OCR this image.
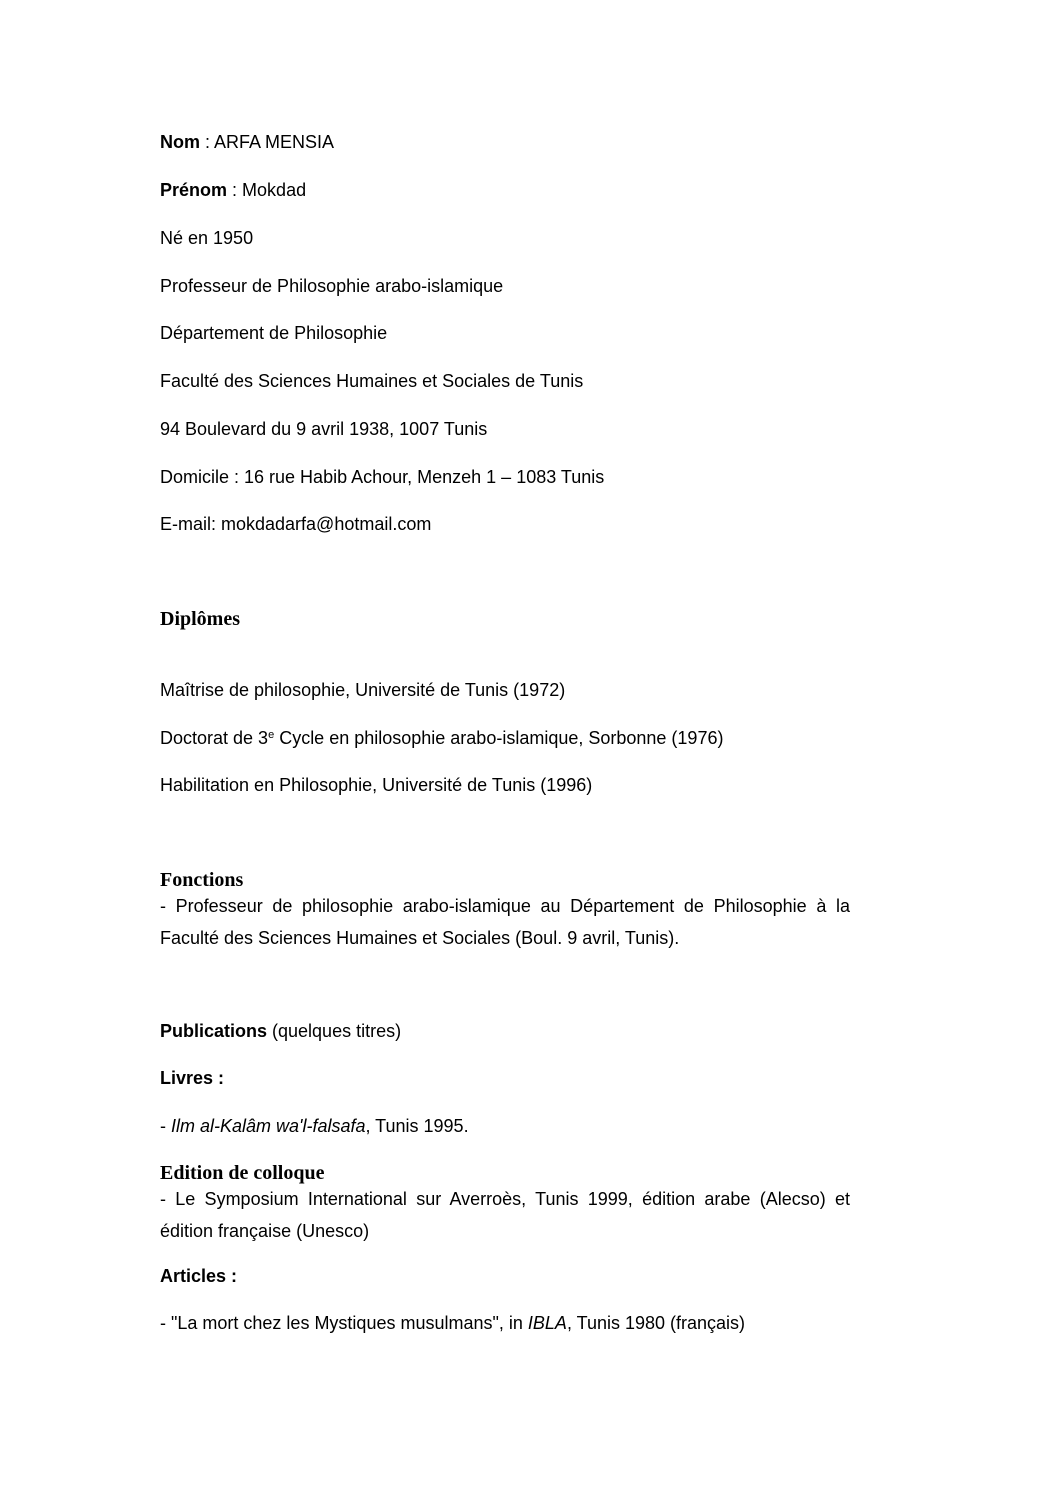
Nom : ARFA MENSIA
Prénom : Mokdad
Né en 1950
Professeur de Philosophie arabo-islamique
Département de Philosophie
Faculté des Sciences Humaines et Sociales de Tunis
94 Boulevard du 9 avril 1938, 1007 Tunis
Domicile : 16 rue Habib Achour, Menzeh 1 – 1083 Tunis
E-mail: mokdadarfa@hotmail.com
Diplômes
Maîtrise de philosophie, Université de Tunis (1972)
Doctorat de 3e Cycle en philosophie arabo-islamique, Sorbonne (1976)
Habilitation en Philosophie, Université de Tunis (1996)
Fonctions
- Professeur de philosophie arabo-islamique au Département de Philosophie à la Faculté des Sciences Humaines et Sociales (Boul. 9 avril, Tunis).
Publications (quelques titres)
Livres :
- Ilm al-Kalâm wa'l-falsafa, Tunis 1995.
Edition de colloque
- Le Symposium International sur Averroès, Tunis 1999, édition arabe (Alecso) et édition française (Unesco)
Articles :
- "La mort chez les Mystiques musulmans", in IBLA, Tunis 1980 (français)
